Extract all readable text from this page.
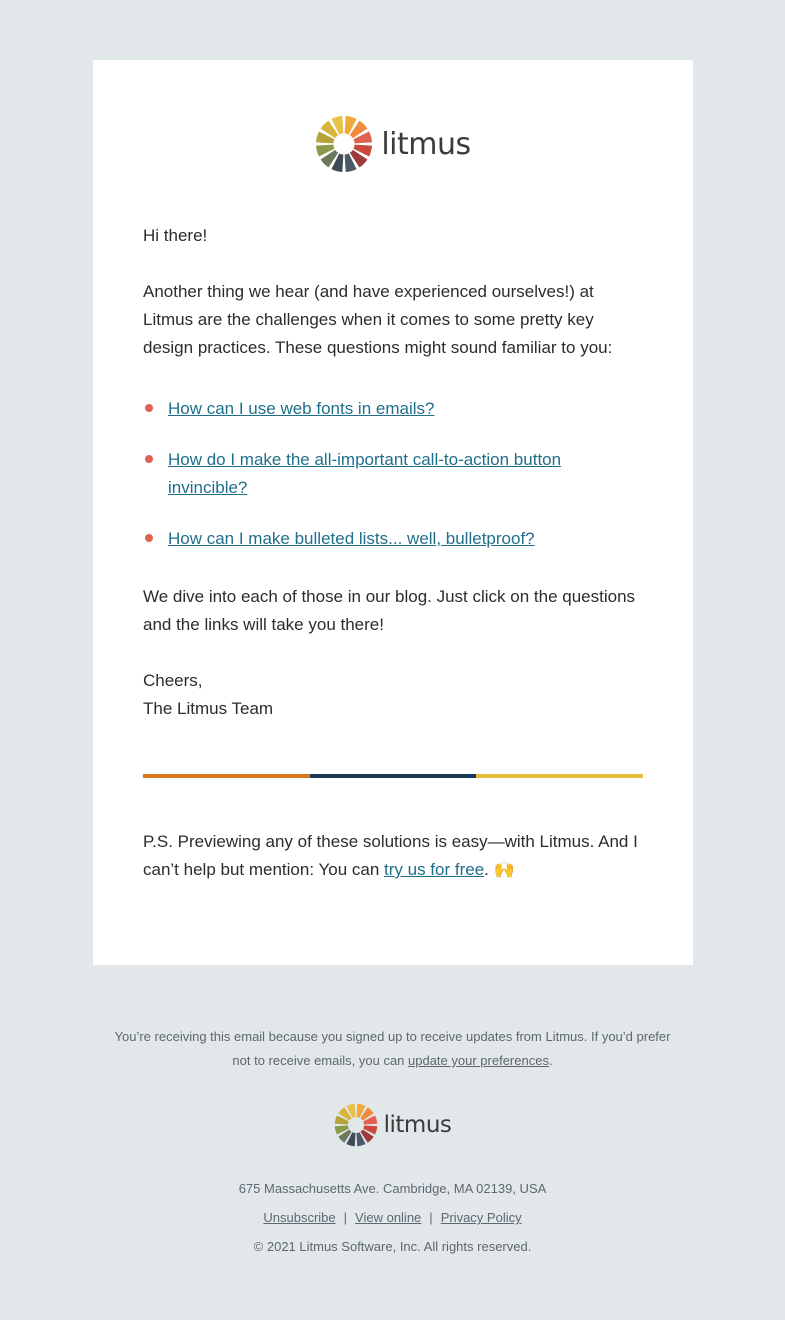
litmus

Hi there!

Another thing we hear (and have experienced ourselves!) at Litmus are the challenges when it comes to some pretty key design practices. These questions might sound familiar to you:

How can I use web fonts in emails?
How do I make the all-important call-to-action button invincible?
How can I make bulleted lists... well, bulletproof?

We dive into each of those in our blog. Just click on the questions and the links will take you there!

Cheers,

The Litmus Team

P.S. Previewing any of these solutions is easy—with Litmus. And I can’t help but mention: You can try us for free. 🙌

You’re receiving this email because you signed up to receive updates from Litmus. If you’d prefer not to receive emails, you can update your preferences.
litmus
675 Massachusetts Ave. Cambridge, MA 02139, USA
Unsubscribe | View online | Privacy Policy
© 2021 Litmus Software, Inc. All rights reserved.
